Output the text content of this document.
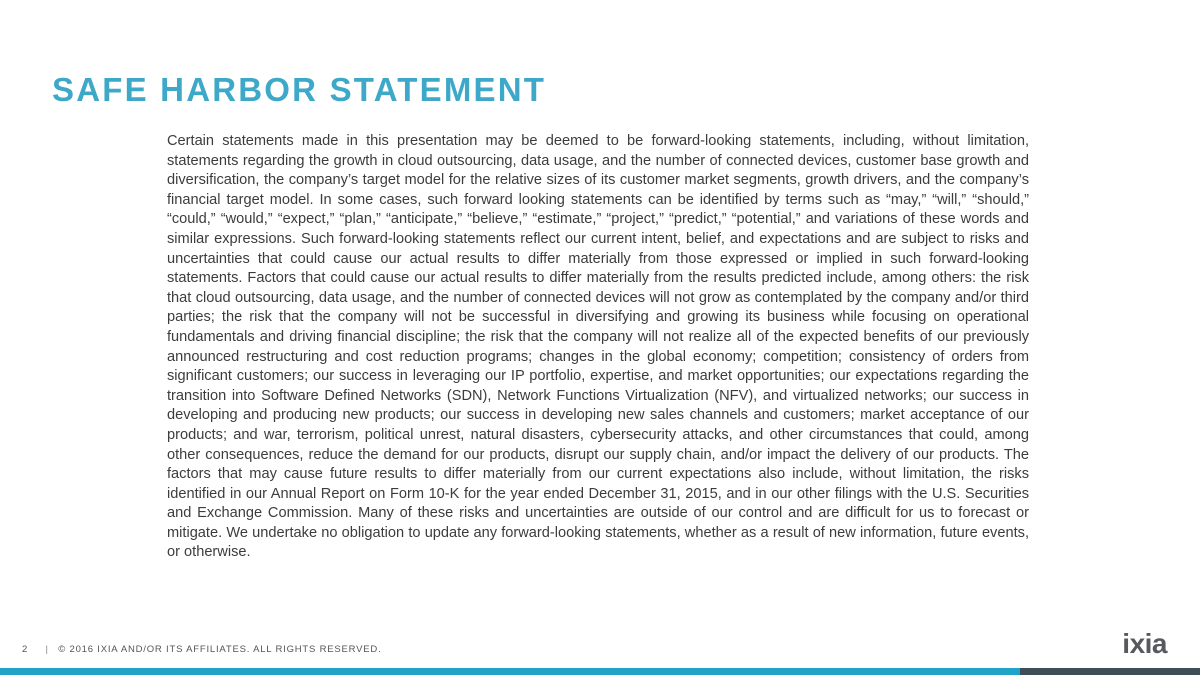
SAFE HARBOR STATEMENT

Certain statements made in this presentation may be deemed to be forward-looking statements, including, without limitation, statements regarding the growth in cloud outsourcing, data usage, and the number of connected devices, customer base growth and diversification, the company’s target model for the relative sizes of its customer market segments, growth drivers, and the company’s financial target model. In some cases, such forward looking statements can be identified by terms such as “may,” “will,” “should,” “could,” “would,” “expect,” “plan,” “anticipate,” “believe,” “estimate,” “project,” “predict,” “potential,” and variations of these words and similar expressions. Such forward-looking statements reflect our current intent, belief, and expectations and are subject to risks and uncertainties that could cause our actual results to differ materially from those expressed or implied in such forward-looking statements. Factors that could cause our actual results to differ materially from the results predicted include, among others: the risk that cloud outsourcing, data usage, and the number of connected devices will not grow as contemplated by the company and/or third parties; the risk that the company will not be successful in diversifying and growing its business while focusing on operational fundamentals and driving financial discipline; the risk that the company will not realize all of the expected benefits of our previously announced restructuring and cost reduction programs; changes in the global economy; competition; consistency of orders from significant customers; our success in leveraging our IP portfolio, expertise, and market opportunities; our expectations regarding the transition into Software Defined Networks (SDN), Network Functions Virtualization (NFV), and virtualized networks; our success in developing and producing new products; our success in developing new sales channels and customers; market acceptance of our products; and war, terrorism, political unrest, natural disasters, cybersecurity attacks, and other circumstances that could, among other consequences, reduce the demand for our products, disrupt our supply chain, and/or impact the delivery of our products. The factors that may cause future results to differ materially from our current expectations also include, without limitation, the risks identified in our Annual Report on Form 10-K for the year ended December 31, 2015, and in our other filings with the U.S. Securities and Exchange Commission. Many of these risks and uncertainties are outside of our control and are difficult for us to forecast or mitigate. We undertake no obligation to update any forward-looking statements, whether as a result of new information, future events, or otherwise.

2 | © 2016 IXIA AND/OR ITS AFFILIATES. ALL RIGHTS RESERVED.	ixia
